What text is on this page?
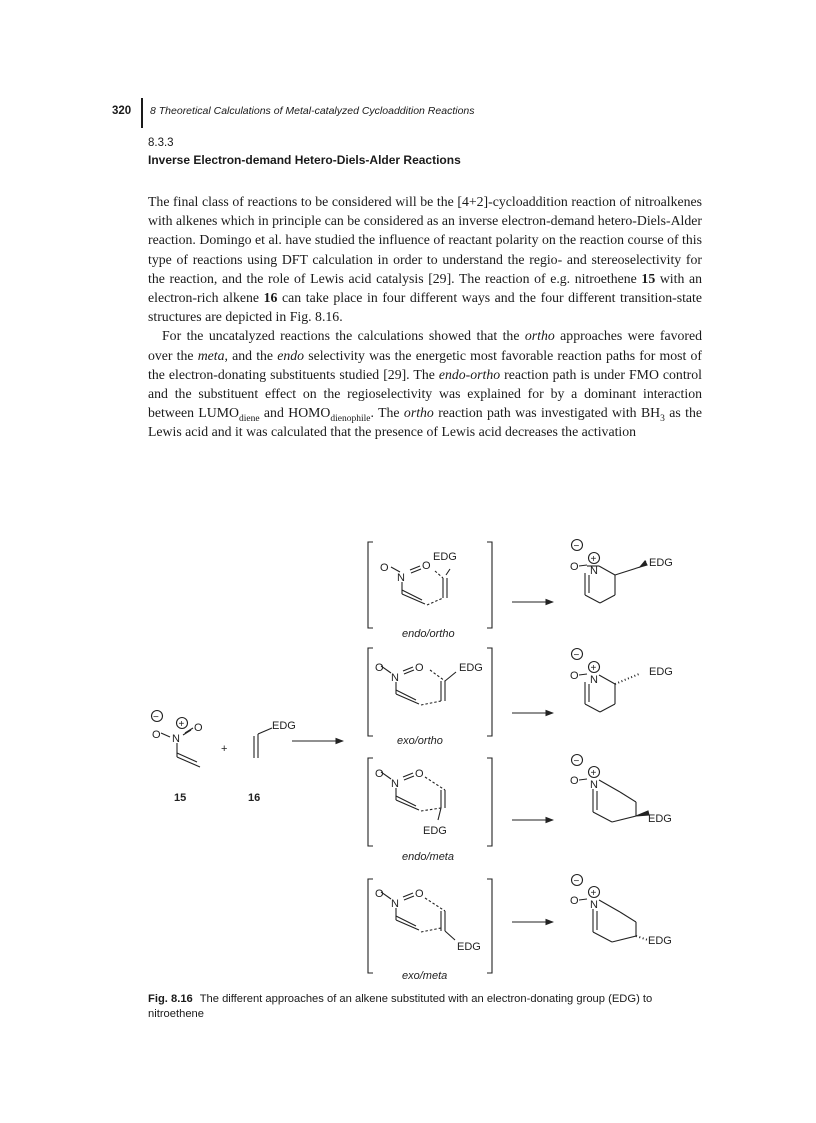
320 8 Theoretical Calculations of Metal-catalyzed Cycloaddition Reactions
8.3.3
Inverse Electron-demand Hetero-Diels-Alder Reactions

The final class of reactions to be considered will be the [4+2]-cycloaddition reaction of nitroalkenes with alkenes which in principle can be considered as an inverse electron-demand hetero-Diels-Alder reaction. Domingo et al. have studied the influence of reactant polarity on the reaction course of this type of reactions using DFT calculation in order to understand the regio- and stereoselectivity for the reaction, and the role of Lewis acid catalysis [29]. The reaction of e.g. nitroethene 15 with an electron-rich alkene 16 can take place in four different ways and the four different transition-state structures are depicted in Fig. 8.16.

For the uncatalyzed reactions the calculations showed that the ortho approaches were favored over the meta, and the endo selectivity was the energetic most favorable reaction paths for most of the electron-donating substituents studied [29]. The endo-ortho reaction path is under FMO control and the substituent effect on the regioselectivity was explained for by a dominant interaction between $LUMO_{diene}$ and $HOMO_{dienophile}$. The ortho reaction path was investigated with $BH_3$ as the Lewis acid and it was calculated that the presence of Lewis acid decreases the activation

−
+
O N
O	EDG
+
15	16
O
N
O
EDG
endo/ortho
O
N
O	EDG
exo/ortho
O
N
O
EDG
endo/meta
O
N
O
EDG
exo/meta
−
+
O N
EDG
−
+
O N
EDG
−
+
O N
EDG
−
+
O N
EDG
Fig. 8.16 The different approaches of an alkene substituted with an electron-donating group (EDG) to nitroethene
